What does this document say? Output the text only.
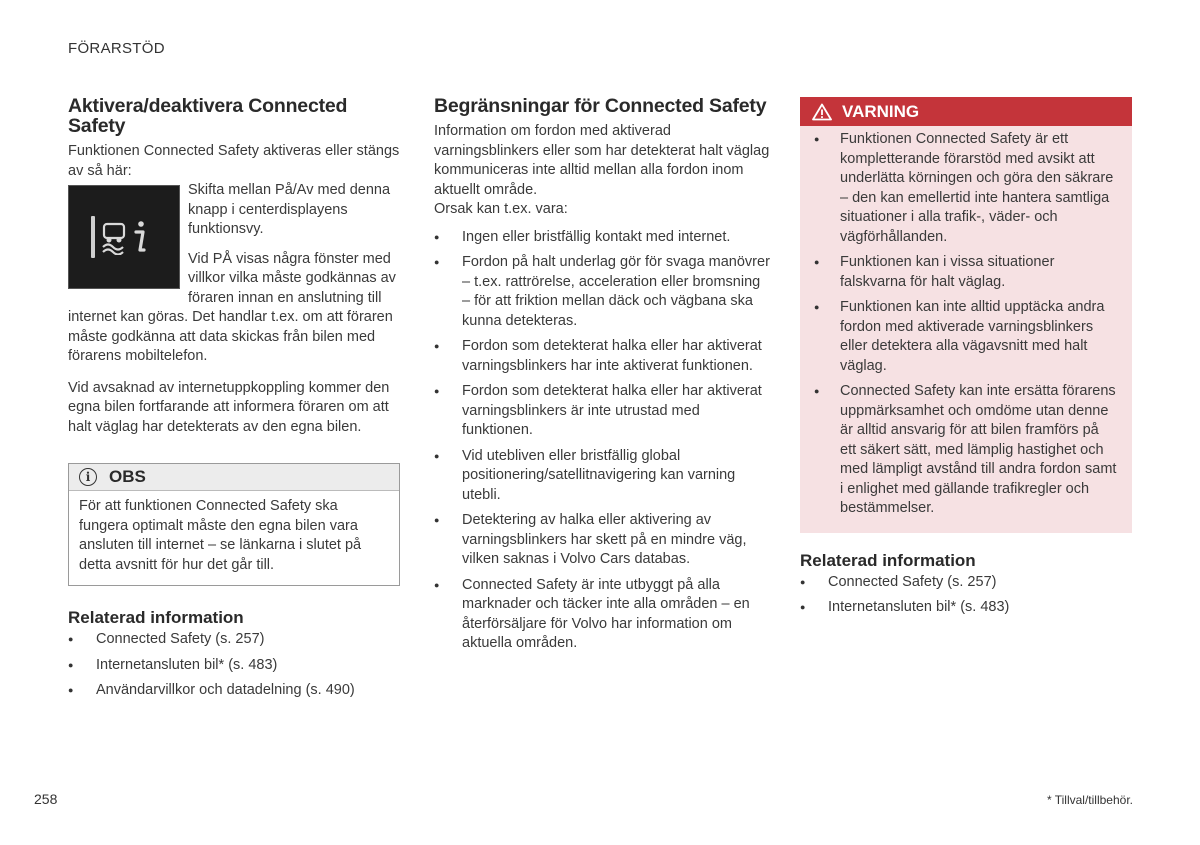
FÖRARSTÖD
Aktivera/deaktivera Connected Safety

Funktionen Connected Safety aktiveras eller stängs av så här:

Skifta mellan På/Av med denna knapp i centerdisplayens funktionsvy.

Vid PÅ visas några fönster med villkor vilka måste godkännas av föraren innan en anslutning till internet kan göras. Det handlar t.ex. om att föraren måste godkänna att data skickas från bilen med förarens mobiltelefon.

Vid avsaknad av internetuppkoppling kommer den egna bilen fortfarande att informera föraren om att halt väglag har detekterats av den egna bilen.

i	OBS
För att funktionen Connected Safety ska fungera optimalt måste den egna bilen vara ansluten till internet – se länkarna i slutet på detta avsnitt för hur det går till.
Relaterad information
● Connected Safety (s. 257)
● Internetansluten bil* (s. 483)
● Användarvillkor och datadelning (s. 490)
Begränsningar för Connected Safety

Information om fordon med aktiverad varningsblinkers eller som har detekterat halt väglag kommuniceras inte alltid mellan alla fordon inom aktuellt område.

Orsak kan t.ex. vara:

● Ingen eller bristfällig kontakt med internet.
● Fordon på halt underlag gör för svaga manövrer – t.ex. rattrörelse, acceleration eller bromsning – för att friktion mellan däck och vägbana ska kunna detekteras.
● Fordon som detekterat halka eller har aktiverat varningsblinkers har inte aktiverat funktionen.
● Fordon som detekterat halka eller har aktiverat varningsblinkers är inte utrustad med funktionen.
● Vid utebliven eller bristfällig global positionering/satellitnavigering kan varning utebli.
● Detektering av halka eller aktivering av varningsblinkers har skett på en mindre väg, vilken saknas i Volvo Cars databas.
● Connected Safety är inte utbyggt på alla marknader och täcker inte alla områden – en återförsäljare för Volvo har information om aktuella områden.
VARNING
● Funktionen Connected Safety är ett kompletterande förarstöd med avsikt att underlätta körningen och göra den säkrare – den kan emellertid inte hantera samtliga situationer i alla trafik-, väder- och vägförhållanden.
● Funktionen kan i vissa situationer falskvarna för halt väglag.
● Funktionen kan inte alltid upptäcka andra fordon med aktiverade varningsblinkers eller detektera alla vägavsnitt med halt väglag.
● Connected Safety kan inte ersätta förarens uppmärksamhet och omdöme utan denne är alltid ansvarig för att bilen framförs på ett säkert sätt, med lämplig hastighet och med lämpligt avstånd till andra fordon samt i enlighet med gällande trafikregler och bestämmelser.
Relaterad information
● Connected Safety (s. 257)
● Internetansluten bil* (s. 483)
258	* Tillval/tillbehör.
